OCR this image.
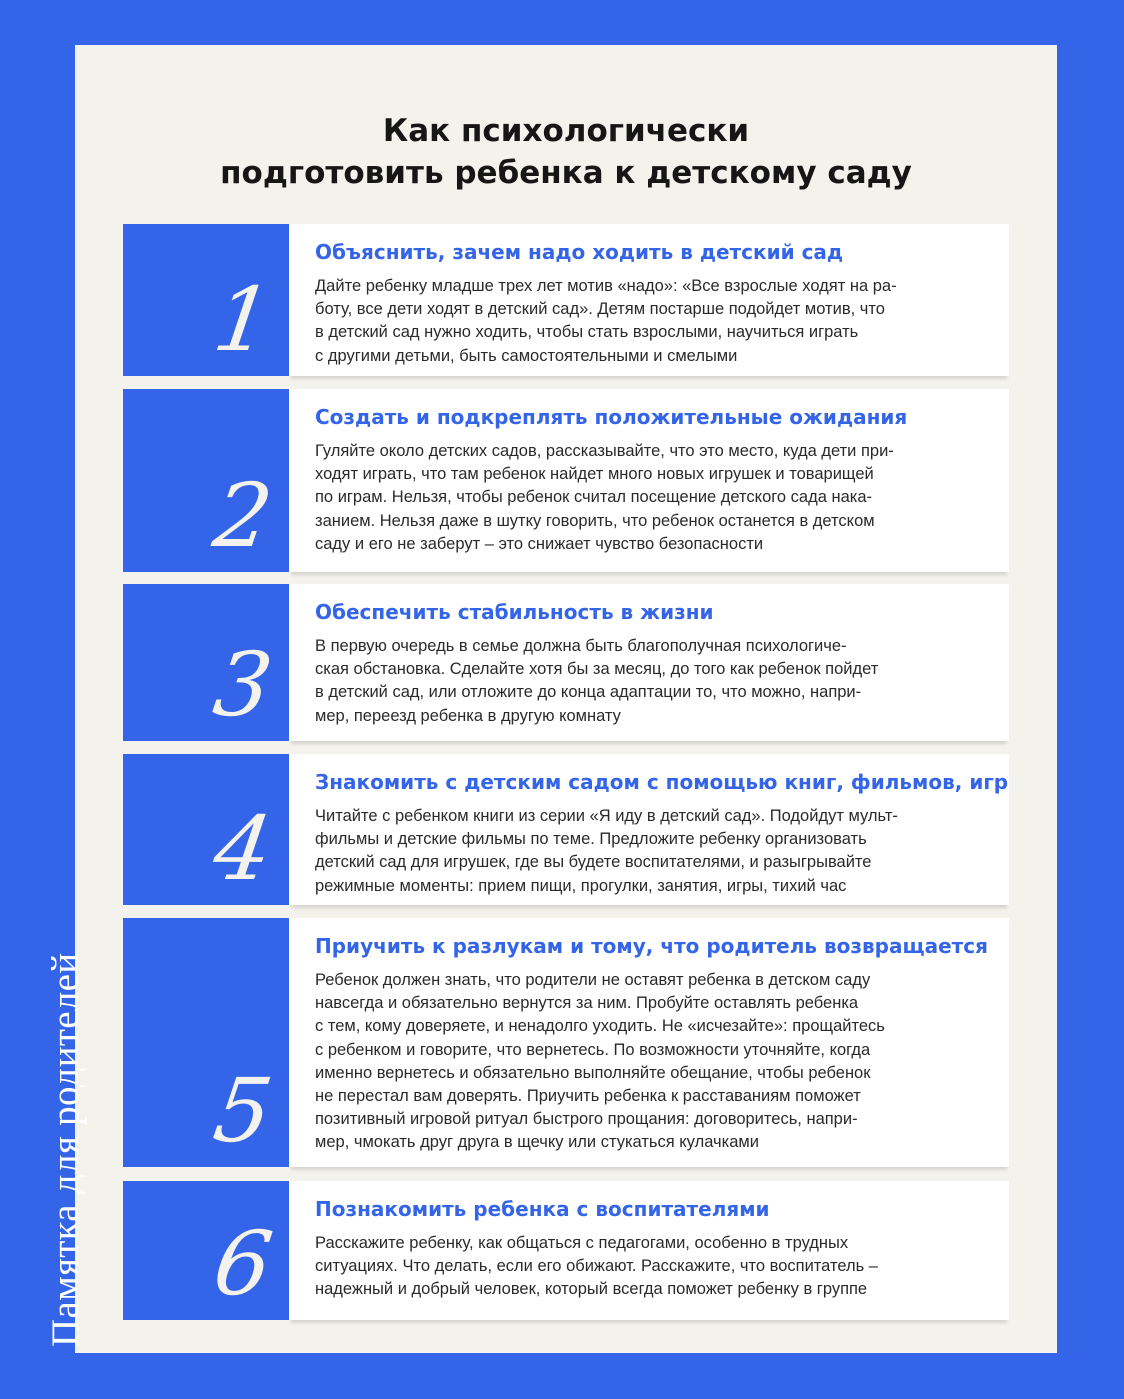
Как психологически
подготовить ребенка к детскому саду
Памятка для родителей
1
Объяснить, зачем надо ходить в детский сад

Дайте ребенку младше трех лет мотив «надо»: «Все взрослые ходят на ра-
боту, все дети ходят в детский сад». Детям постарше подойдет мотив, что
в детский сад нужно ходить, чтобы стать взрослыми, научиться играть
с другими детьми, быть самостоятельными и смелыми

2
Создать и подкреплять положительные ожидания

Гуляйте около детских садов, рассказывайте, что это место, куда дети при-
ходят играть, что там ребенок найдет много новых игрушек и товарищей
по играм. Нельзя, чтобы ребенок считал посещение детского сада нака-
занием. Нельзя даже в шутку говорить, что ребенок останется в детском
саду и его не заберут – это снижает чувство безопасности

3
Обеспечить стабильность в жизни

В первую очередь в семье должна быть благополучная психологиче-
ская обстановка. Сделайте хотя бы за месяц, до того как ребенок пойдет
в детский сад, или отложите до конца адаптации то, что можно, напри-
мер, переезд ребенка в другую комнату

4
Знакомить с детским садом с помощью книг, фильмов, игр

Читайте с ребенком книги из серии «Я иду в детский сад». Подойдут мульт-
фильмы и детские фильмы по теме. Предложите ребенку организовать
детский сад для игрушек, где вы будете воспитателями, и разыгрывайте
режимные моменты: прием пищи, прогулки, занятия, игры, тихий час

5
Приучить к разлукам и тому, что родитель возвращается

Ребенок должен знать, что родители не оставят ребенка в детском саду
навсегда и обязательно вернутся за ним. Пробуйте оставлять ребенка
с тем, кому доверяете, и ненадолго уходить. Не «исчезайте»: прощайтесь
с ребенком и говорите, что вернетесь. По возможности уточняйте, когда
именно вернетесь и обязательно выполняйте обещание, чтобы ребенок
не перестал вам доверять. Приучить ребенка к расставаниям поможет
позитивный игровой ритуал быстрого прощания: договоритесь, напри-
мер, чмокать друг друга в щечку или стукаться кулачками

6
Познакомить ребенка с воспитателями

Расскажите ребенку, как общаться с педагогами, особенно в трудных
ситуациях. Что делать, если его обижают. Расскажите, что воспитатель –
надежный и добрый человек, который всегда поможет ребенку в группе
